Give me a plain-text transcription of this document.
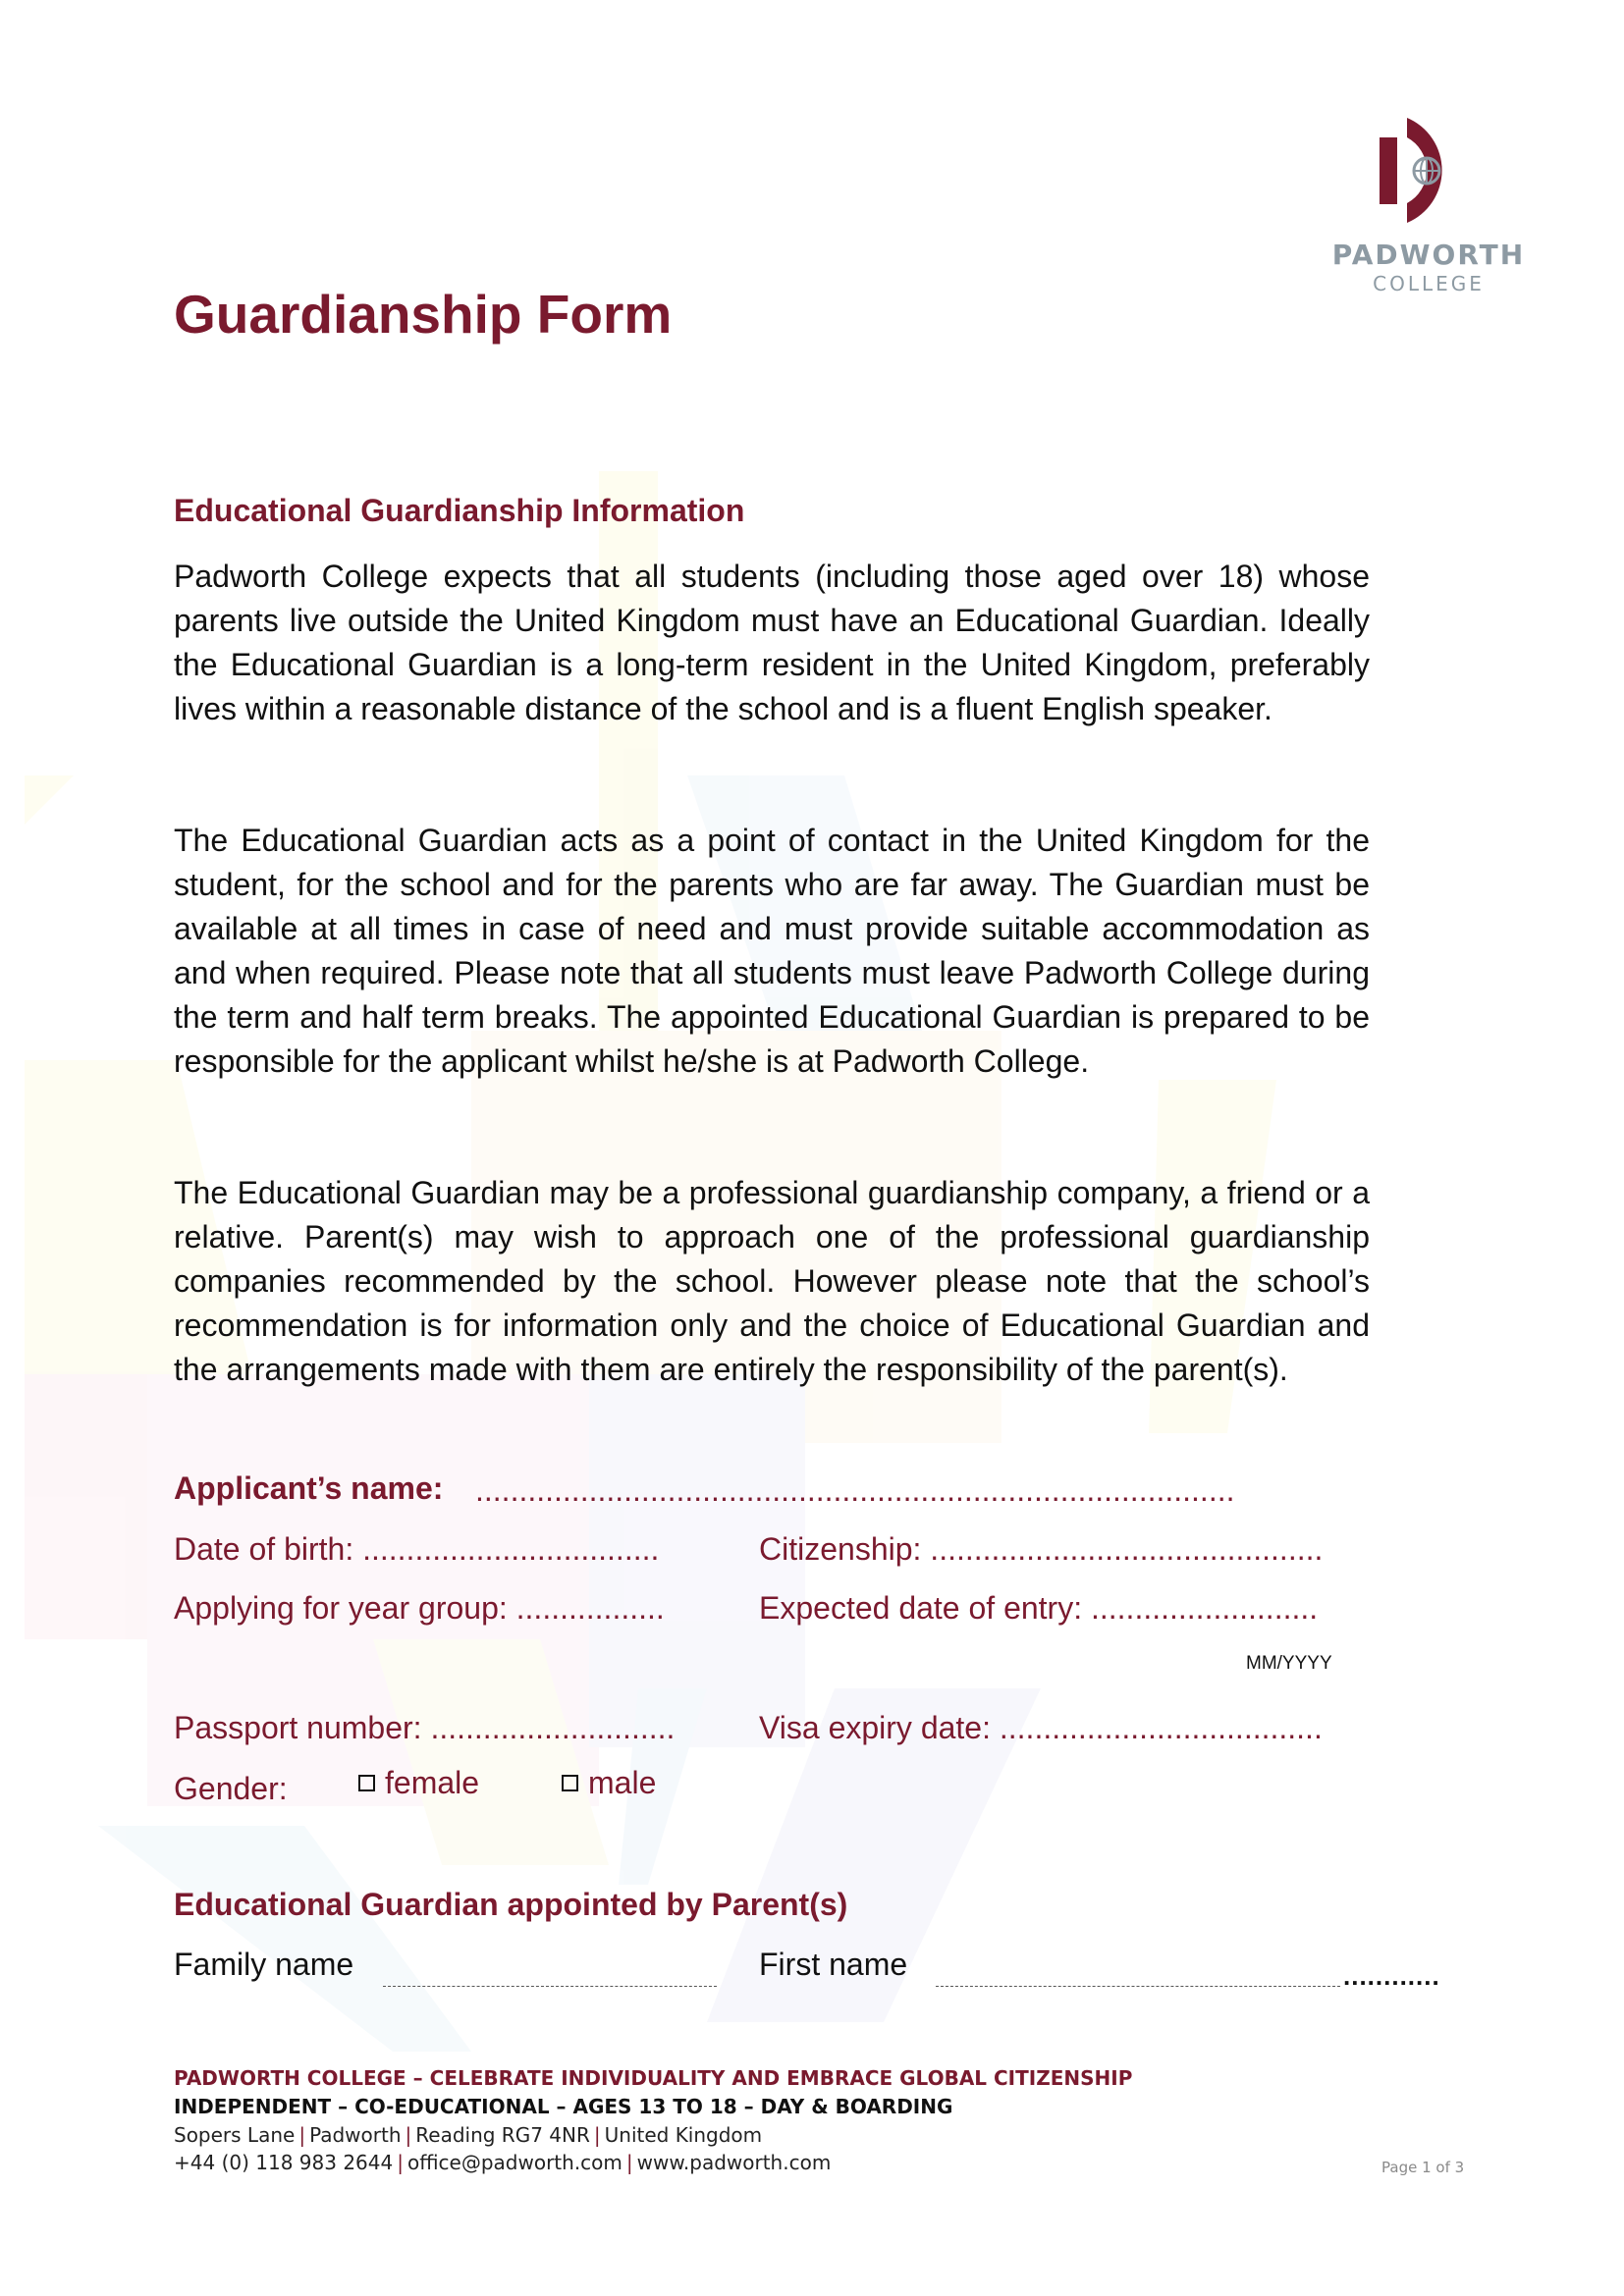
PADWORTH
COLLEGE
Guardianship Form
Educational Guardianship Information
Padworth College expects that all students (including those aged over 18) whose parents live outside the United Kingdom must have an Educational Guardian. Ideally the Educational Guardian is a long-term resident in the United Kingdom, preferably lives within a reasonable distance of the school and is a fluent English speaker.
The Educational Guardian acts as a point of contact in the United Kingdom for the student, for the school and for the parents who are far away. The Guardian must be available at all times in case of need and must provide suitable accommodation as and when required. Please note that all students must leave Padworth College during the term and half term breaks. The appointed Educational Guardian is prepared to be responsible for the applicant whilst he/she is at Padworth College.
The Educational Guardian may be a professional guardianship company, a friend or a relative. Parent(s) may wish to approach one of the professional guardianship companies recommended by the school. However please note that the school’s recommendation is for information only and the choice of Educational Guardian and the arrangements made with them are entirely the responsibility of the parent(s).
Applicant’s name: .......................................................................................
Date of birth: ..................................	Citizenship: .............................................
Applying for year group: .................	Expected date of entry: ..........................
MM/YYYY
Passport number: ............................	Visa expiry date: .....................................
Gender:	female	male
Educational Guardian appointed by Parent(s)
Family name	First name	............
PADWORTH COLLEGE – CELEBRATE INDIVIDUALITY AND EMBRACE GLOBAL CITIZENSHIP
INDEPENDENT – CO-EDUCATIONAL – AGES 13 TO 18 – DAY & BOARDING
Sopers Lane | Padworth | Reading RG7 4NR | United Kingdom
+44 (0) 118 983 2644 | office@padworth.com | www.padworth.com	Page 1 of 3
